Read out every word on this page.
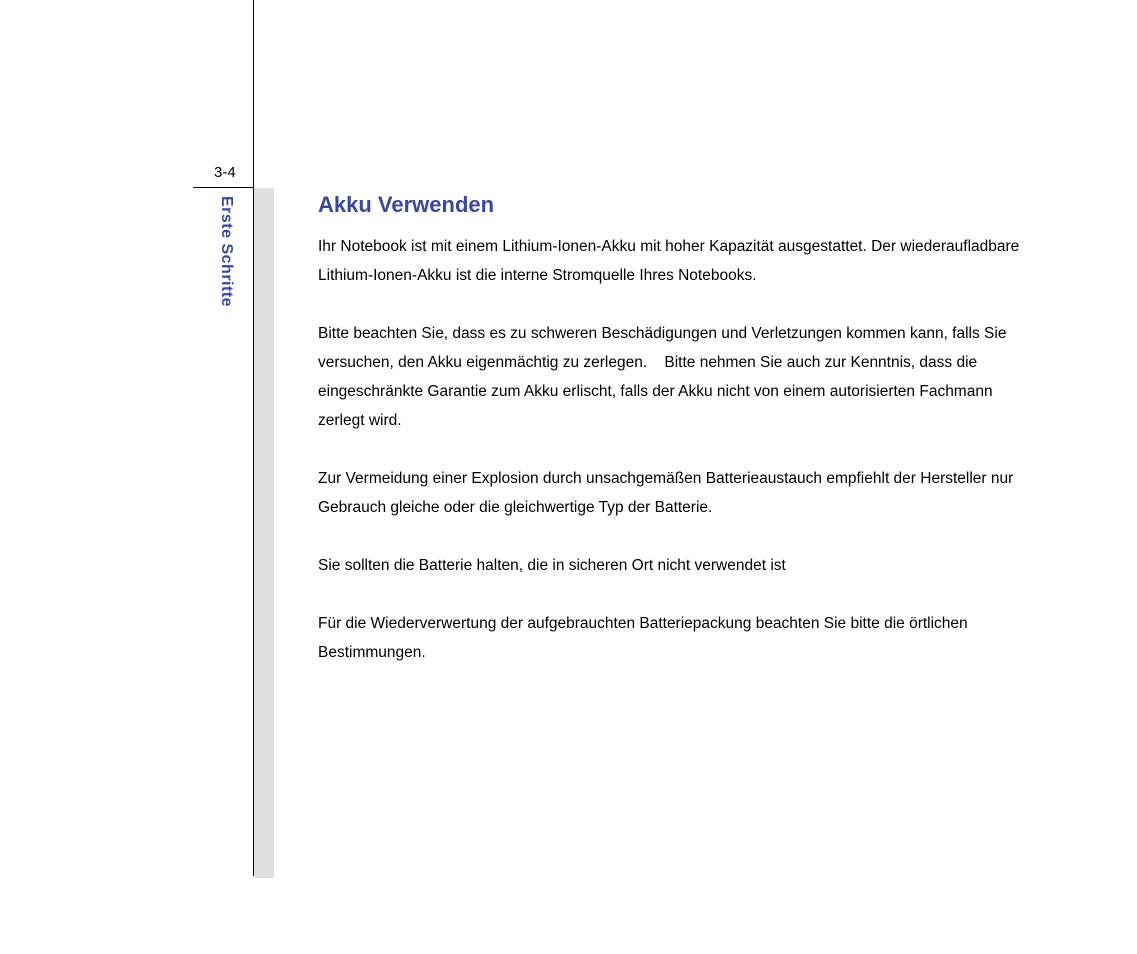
3-4
Erste Schritte	Akku Verwenden

Ihr Notebook ist mit einem Lithium-Ionen-Akku mit hoher Kapazität ausgestattet. Der wiederaufladbare Lithium-Ionen-Akku ist die interne Stromquelle Ihres Notebooks.

Bitte beachten Sie, dass es zu schweren Beschädigungen und Verletzungen kommen kann, falls Sie versuchen, den Akku eigenmächtig zu zerlegen.    Bitte nehmen Sie auch zur Kenntnis, dass die eingeschränkte Garantie zum Akku erlischt, falls der Akku nicht von einem autorisierten Fachmann zerlegt wird.

Zur Vermeidung einer Explosion durch unsachgemäßen Batterieaustauch empfiehlt der Hersteller nur Gebrauch gleiche oder die gleichwertige Typ der Batterie.

Sie sollten die Batterie halten, die in sicheren Ort nicht verwendet ist

Für die Wiederverwertung der aufgebrauchten Batteriepackung beachten Sie bitte die örtlichen Bestimmungen.
